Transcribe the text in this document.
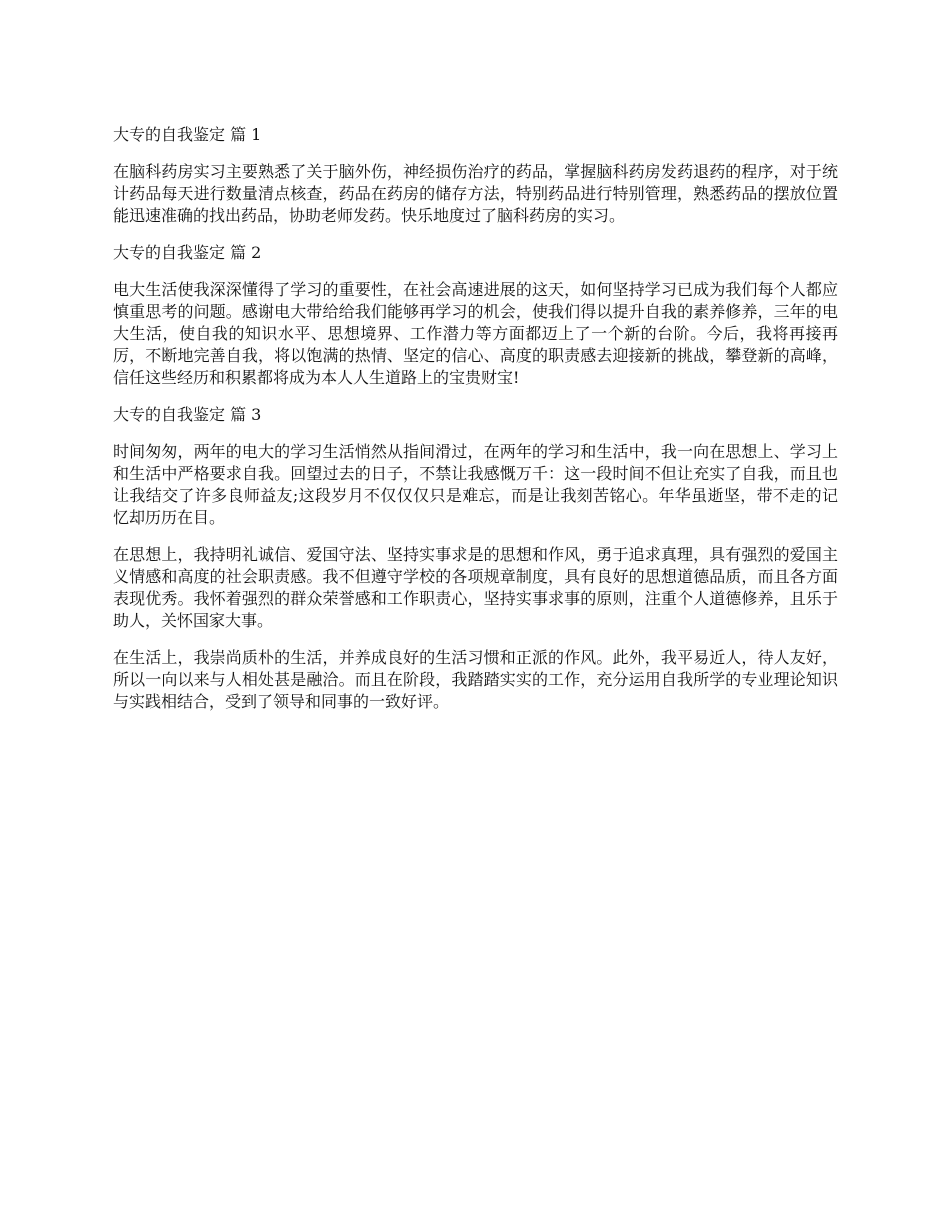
大专的自我鉴定 篇 1

在脑科药房实习主要熟悉了关于脑外伤，神经损伤治疗的药品，掌握脑科药房发药退药的程序，对于统计药品每天进行数量清点核查，药品在药房的储存方法，特别药品进行特别管理，熟悉药品的摆放位置能迅速准确的找出药品，协助老师发药。快乐地度过了脑科药房的实习。

大专的自我鉴定 篇 2

电大生活使我深深懂得了学习的重要性，在社会高速进展的这天，如何坚持学习已成为我们每个人都应慎重思考的问题。感谢电大带给给我们能够再学习的机会，使我们得以提升自我的素养修养，三年的电大生活，使自我的知识水平、思想境界、工作潜力等方面都迈上了一个新的台阶。今后，我将再接再厉，不断地完善自我，将以饱满的热情、坚定的信心、高度的职责感去迎接新的挑战，攀登新的高峰，信任这些经历和积累都将成为本人人生道路上的宝贵财宝!

大专的自我鉴定 篇 3

时间匆匆，两年的电大的学习生活悄然从指间滑过，在两年的学习和生活中，我一向在思想上、学习上和生活中严格要求自我。回望过去的日子，不禁让我感慨万千：这一段时间不但让充实了自我，而且也让我结交了许多良师益友;这段岁月不仅仅仅只是难忘，而是让我刻苦铭心。年华虽逝坚，带不走的记忆却历历在目。

在思想上，我持明礼诚信、爱国守法、坚持实事求是的思想和作风，勇于追求真理，具有强烈的爱国主义情感和高度的社会职责感。我不但遵守学校的各项规章制度，具有良好的思想道德品质，而且各方面表现优秀。我怀着强烈的群众荣誉感和工作职责心，坚持实事求事的原则，注重个人道德修养，且乐于助人，关怀国家大事。

在生活上，我崇尚质朴的生活，并养成良好的生活习惯和正派的作风。此外，我平易近人，待人友好，所以一向以来与人相处甚是融洽。而且在阶段，我踏踏实实的工作，充分运用自我所学的专业理论知识与实践相结合，受到了领导和同事的一致好评。
